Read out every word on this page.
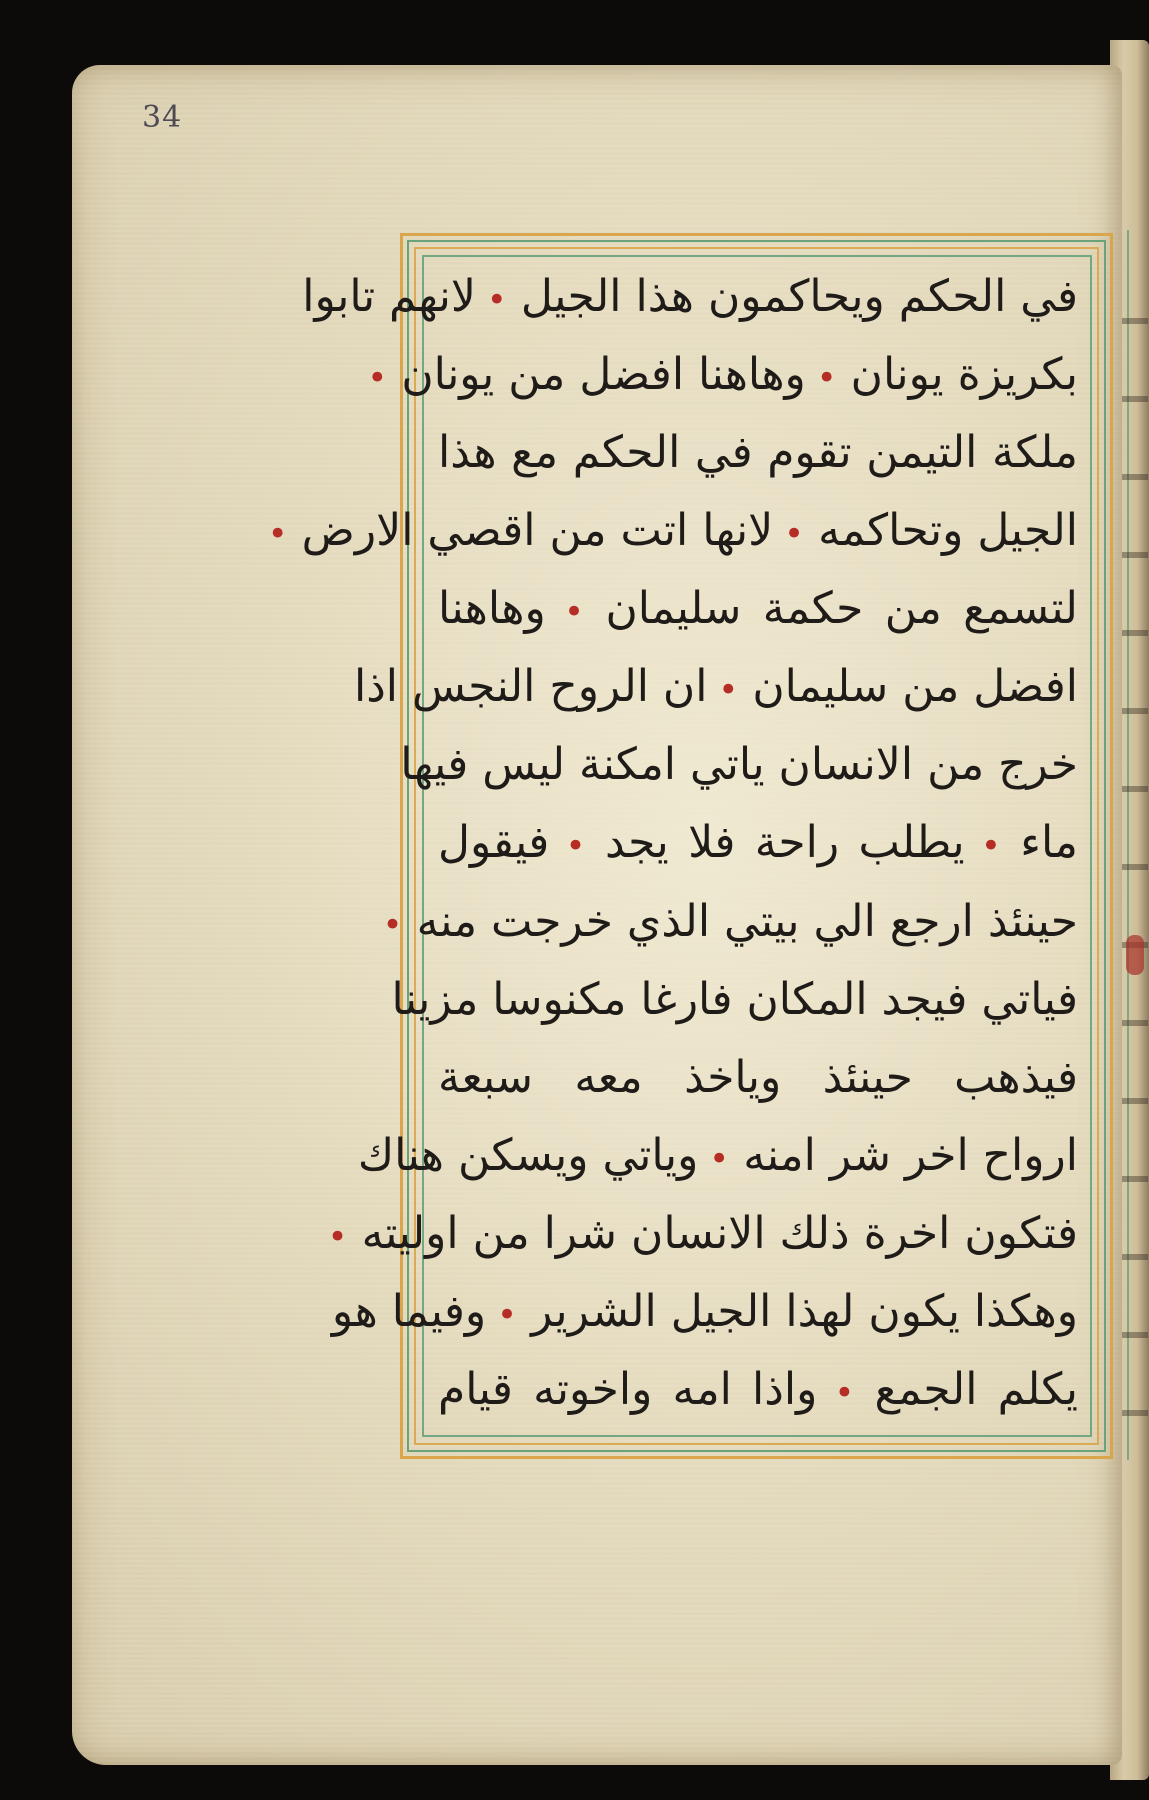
34
في الحكم ويحاكمون هذا الجيل • لانهم تابوا
بكريزة يونان • وهاهنا افضل من يونان •
ملكة التيمن تقوم في الحكم مع هذا
الجيل وتحاكمه • لانها اتت من اقصي الارض •
لتسمع من حكمة سليمان • وهاهنا
افضل من سليمان • ان الروح النجس اذا
خرج من الانسان ياتي امكنة ليس فيها
ماء • يطلب راحة فلا يجد • فيقول
حينئذ ارجع الي بيتي الذي خرجت منه •
فياتي فيجد المكان فارغا مكنوسا مزينا
فيذهب حينئذ وياخذ معه سبعة
ارواح اخر شر امنه • وياتي ويسكن هناك
فتكون اخرة ذلك الانسان شرا من اوليته •
وهكذا يكون لهذا الجيل الشرير • وفيما هو
يكلم الجمع • واذا امه واخوته قيام
